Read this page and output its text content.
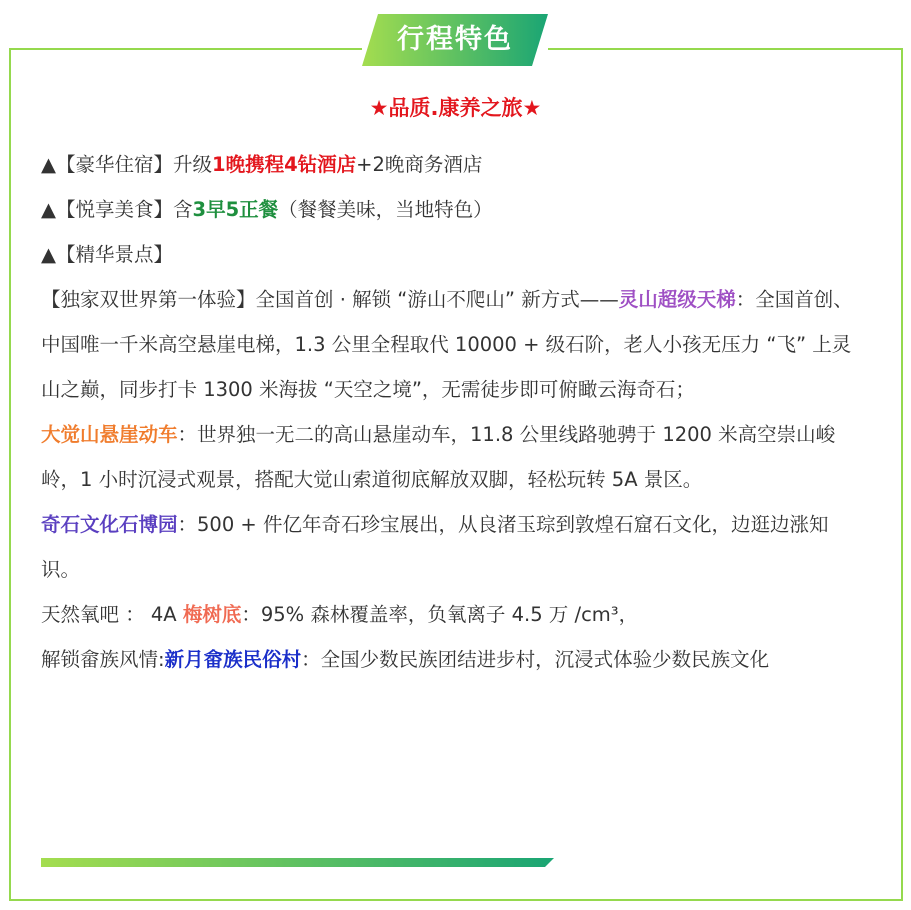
行程特色
★品质.康养之旅★

▲【豪华住宿】升级1晚携程4钻酒店+2晚商务酒店

▲【悦享美食】含3早5正餐（餐餐美味，当地特色）

▲【精华景点】

【独家双世界第一体验】全国首创 · 解锁 “游山不爬山” 新方式——灵山超级天梯：全国首创、中国唯一千米高空悬崖电梯，1.3 公里全程取代 10000 + 级石阶，老人小孩无压力 “飞” 上灵山之巅，同步打卡 1300 米海拔 “天空之境”，无需徒步即可俯瞰云海奇石；

大觉山悬崖动车：世界独一无二的高山悬崖动车，11.8 公里线路驰骋于 1200 米高空崇山峻岭，1 小时沉浸式观景，搭配大觉山索道彻底解放双脚，轻松玩转 5A 景区。

奇石文化石博园：500 + 件亿年奇石珍宝展出，从良渚玉琮到敦煌石窟石文化，边逛边涨知识。

天然氧吧 ： 4A 梅树底：95% 森林覆盖率，负氧离子 4.5 万 /cm³，

解锁畲族风情:新月畲族民俗村：全国少数民族团结进步村，沉浸式体验少数民族文化
